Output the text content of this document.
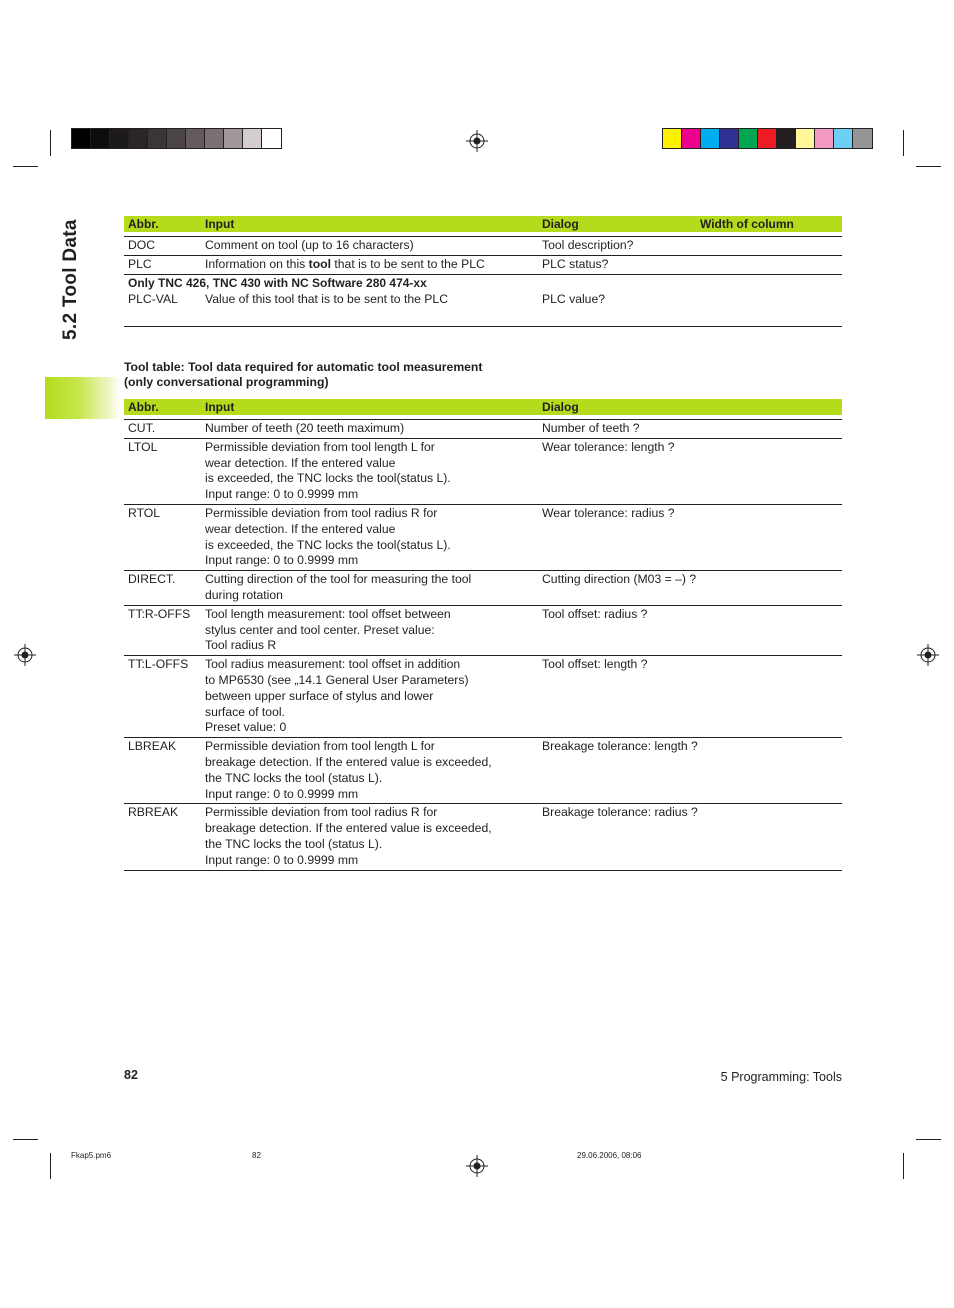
5.2 Tool Data	Abbr.	Input	Dialog	Width of column

DOC	Comment on tool (up to 16 characters)	Tool description?	
PLC	Information on this tool that is to be sent to the PLC	PLC status?	
Only TNC 426, TNC 430 with NC Software 280 474-xx			
PLC-VAL	Value of this tool that is to be sent to the PLC	PLC value?	

Tool table: Tool data required for automatic tool measurement
(only conversational programming)
Abbr.	Input	Dialog

CUT.	Number of teeth (20 teeth maximum)	Number of teeth ?
LTOL	Permissible deviation from tool length L for
wear detection. If the entered value
is exceeded, the TNC locks the tool(status L).
Input range: 0 to 0.9999 mm	Wear tolerance: length ?
RTOL	Permissible deviation from tool radius R for
wear detection. If the entered value
is exceeded, the TNC locks the tool(status L).
Input range: 0 to 0.9999 mm	Wear tolerance: radius ?
DIRECT.	Cutting direction of the tool for measuring the tool
during rotation	Cutting direction (M03 = –) ?
TT:R-OFFS	Tool length measurement: tool offset between
stylus center and tool center. Preset value:
Tool radius R	Tool offset: radius ?
TT:L-OFFS	Tool radius measurement: tool offset in addition
to MP6530 (see „14.1 General User Parameters)
between upper surface of stylus and lower
surface of tool.
Preset value: 0	Tool offset: length ?
LBREAK	Permissible deviation from tool length L for
breakage detection. If the entered value is exceeded,
the TNC locks the tool (status L).
Input range: 0 to 0.9999 mm	Breakage tolerance: length ?
RBREAK	Permissible deviation from tool radius R for
breakage detection. If the entered value is exceeded,
the TNC locks the tool (status L).
Input range: 0 to 0.9999 mm	Breakage tolerance: radius ?
82	5 Programming: Tools
Fkap5.pm6	82	29.06.2006, 08:06
